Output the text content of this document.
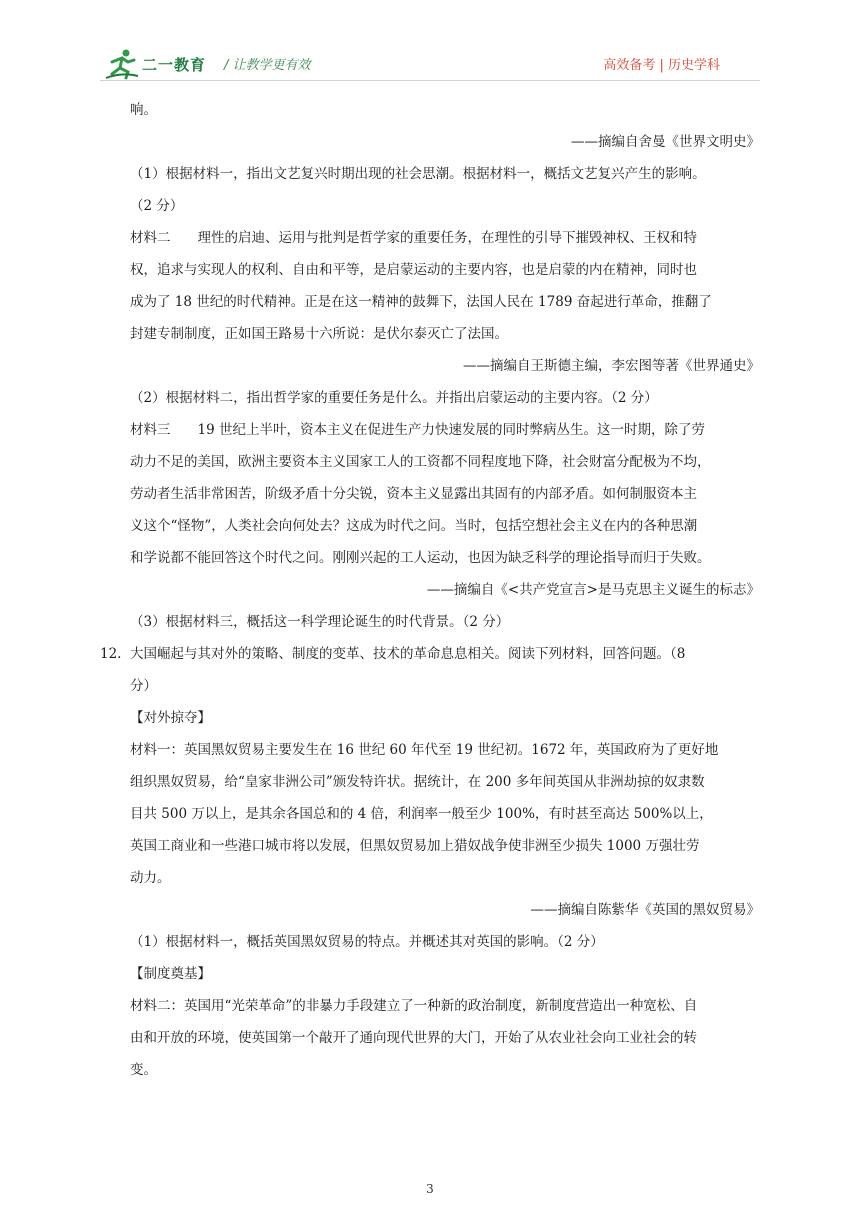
二一教育 / 让教学更有效	高效备考 | 历史学科
响。
——摘编自舍曼《世界文明史》
（1）根据材料一，指出文艺复兴时期出现的社会思潮。根据材料一，概括文艺复兴产生的影响。
（2 分）
材料二　　理性的启迪、运用与批判是哲学家的重要任务，在理性的引导下摧毁神权、王权和特
权，追求与实现人的权利、自由和平等，是启蒙运动的主要内容，也是启蒙的内在精神，同时也
成为了 18 世纪的时代精神。正是在这一精神的鼓舞下，法国人民在 1789 奋起进行革命，推翻了
封建专制制度，正如国王路易十六所说：是伏尔泰灭亡了法国。
——摘编自王斯德主编，李宏图等著《世界通史》
（2）根据材料二，指出哲学家的重要任务是什么。并指出启蒙运动的主要内容。（2 分）
材料三　　19 世纪上半叶，资本主义在促进生产力快速发展的同时弊病丛生。这一时期，除了劳
动力不足的美国，欧洲主要资本主义国家工人的工资都不同程度地下降，社会财富分配极为不均，
劳动者生活非常困苦，阶级矛盾十分尖锐，资本主义显露出其固有的内部矛盾。如何制服资本主
义这个“怪物”，人类社会向何处去？这成为时代之问。当时，包括空想社会主义在内的各种思潮
和学说都不能回答这个时代之问。刚刚兴起的工人运动，也因为缺乏科学的理论指导而归于失败。
——摘编自《<共产党宣言>是马克思主义诞生的标志》
（3）根据材料三，概括这一科学理论诞生的时代背景。（2 分）
12. 大国崛起与其对外的策略、制度的变革、技术的革命息息相关。阅读下列材料，回答问题。（8
分）
【对外掠夺】
材料一：英国黑奴贸易主要发生在 16 世纪 60 年代至 19 世纪初。1672 年，英国政府为了更好地
组织黑奴贸易，给“皇家非洲公司”颁发特许状。据统计，在 200 多年间英国从非洲劫掠的奴隶数
目共 500 万以上，是其余各国总和的 4 倍，利润率一般至少 100%，有时甚至高达 500%以上，
英国工商业和一些港口城市将以发展，但黑奴贸易加上猎奴战争使非洲至少损失 1000 万强壮劳
动力。
——摘编自陈紫华《英国的黑奴贸易》
（1）根据材料一，概括英国黑奴贸易的特点。并概述其对英国的影响。（2 分）
【制度奠基】
材料二：英国用“光荣革命”的非暴力手段建立了一种新的政治制度，新制度营造出一种宽松、自
由和开放的环境，使英国第一个敲开了通向现代世界的大门，开始了从农业社会向工业社会的转
变。
3
